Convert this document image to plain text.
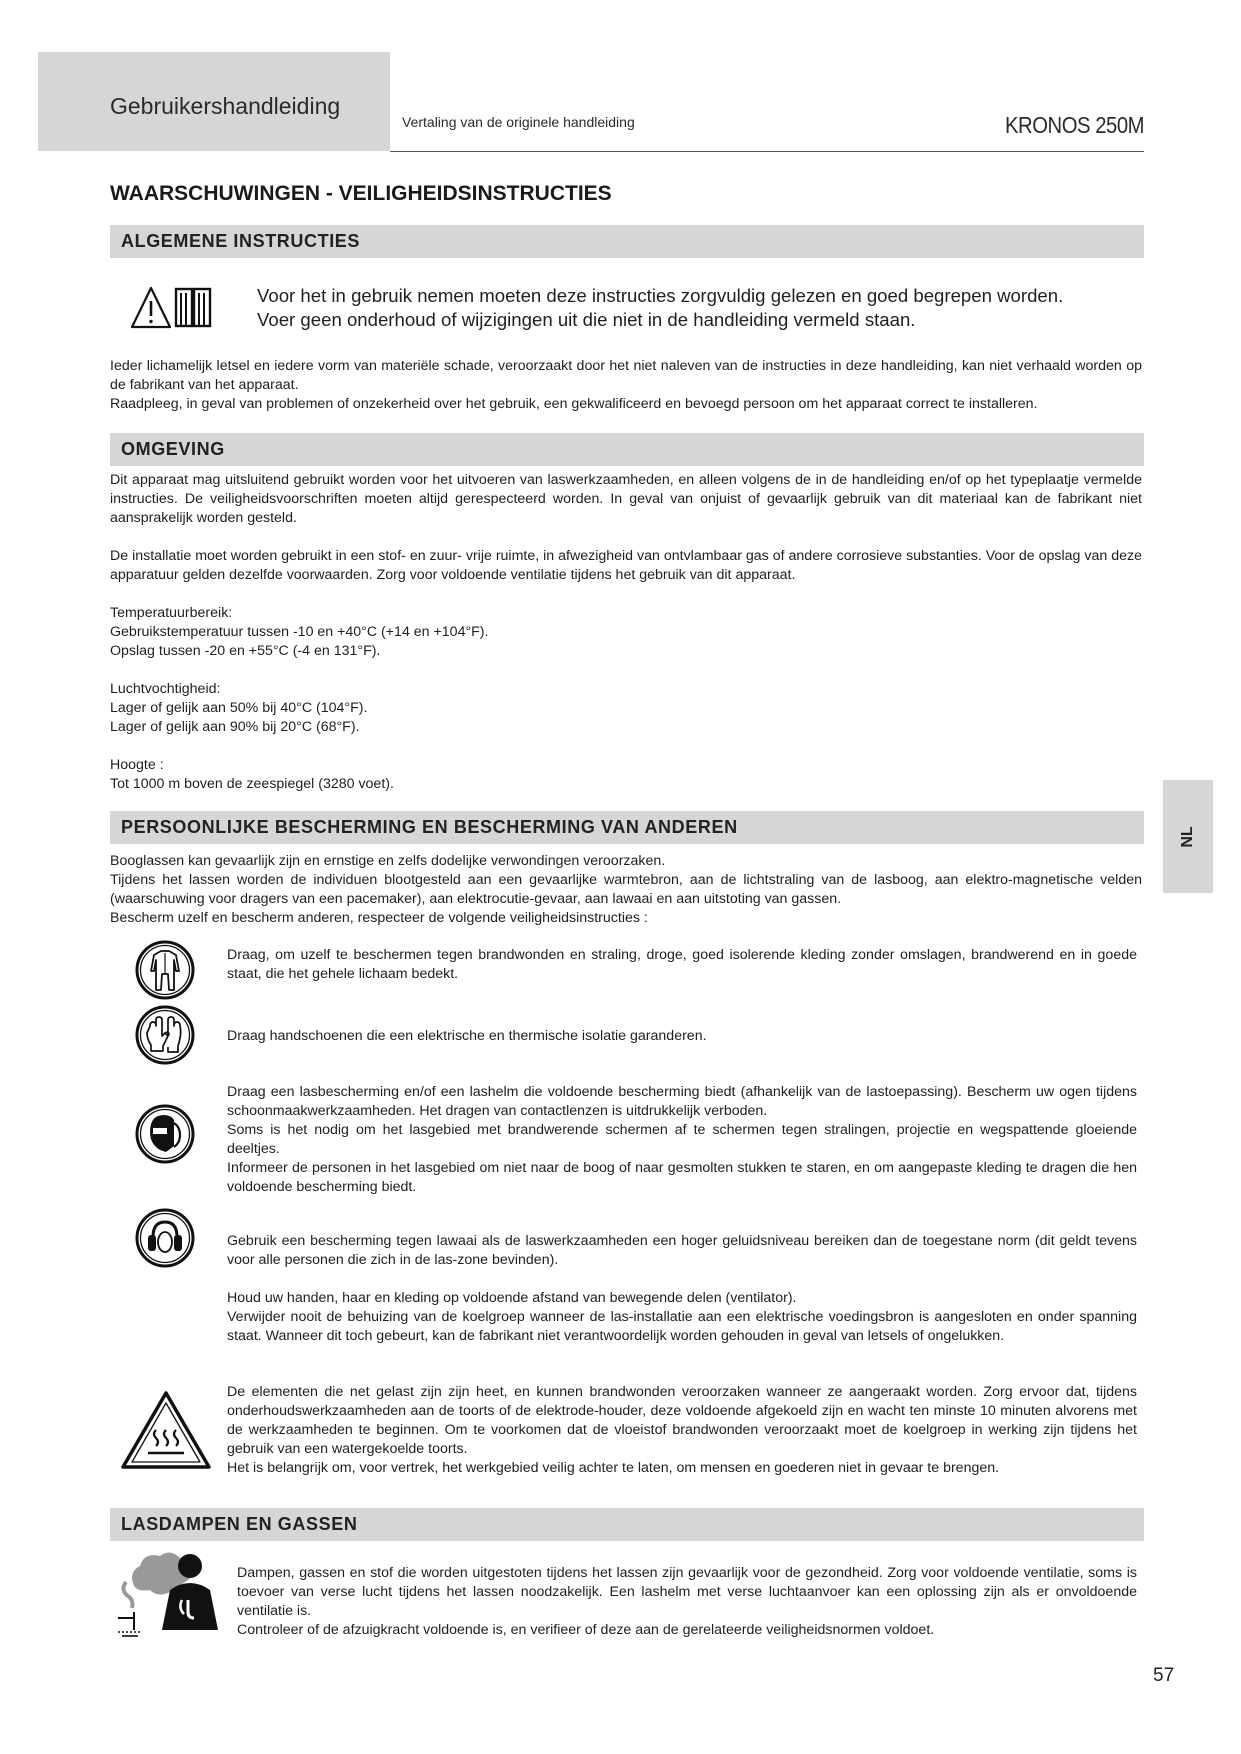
Gebruikershandleiding
Vertaling van de originele handleiding	KRONOS 250M
WAARSCHUWINGEN - VEILIGHEIDSINSTRUCTIES
ALGEMENE INSTRUCTIES
Voor het in gebruik nemen moeten deze instructies zorgvuldig gelezen en goed begrepen worden.
Voer geen onderhoud of wijzigingen uit die niet in de handleiding vermeld staan.
Ieder lichamelijk letsel en iedere vorm van materiële schade, veroorzaakt door het niet naleven van de instructies in deze handleiding, kan niet verhaald worden op de fabrikant van het apparaat.
Raadpleeg, in geval van problemen of onzekerheid over het gebruik, een gekwalificeerd en bevoegd persoon om het apparaat correct te installeren.
OMGEVING
Dit apparaat mag uitsluitend gebruikt worden voor het uitvoeren van laswerkzaamheden, en alleen volgens de in de handleiding en/of op het typeplaatje vermelde instructies. De veiligheidsvoorschriften moeten altijd gerespecteerd worden. In geval van onjuist of gevaarlijk gebruik van dit materiaal kan de fabrikant niet aansprakelijk worden gesteld.
De installatie moet worden gebruikt in een stof- en zuur- vrije ruimte, in afwezigheid van ontvlambaar gas of andere corrosieve substanties. Voor de opslag van deze apparatuur gelden dezelfde voorwaarden. Zorg voor voldoende ventilatie tijdens het gebruik van dit apparaat.
Temperatuurbereik:
Gebruikstemperatuur tussen -10 en +40°C (+14 en +104°F).
Opslag tussen -20 en +55°C (-4 en 131°F).
Luchtvochtigheid:
Lager of gelijk aan 50% bij 40°C (104°F).
Lager of gelijk aan 90% bij 20°C (68°F).
Hoogte :
Tot 1000 m boven de zeespiegel (3280 voet).
PERSOONLIJKE BESCHERMING EN BESCHERMING VAN ANDEREN
Booglassen kan gevaarlijk zijn en ernstige en zelfs dodelijke verwondingen veroorzaken.
Tijdens het lassen worden de individuen blootgesteld aan een gevaarlijke warmtebron, aan de lichtstraling van de lasboog, aan elektro-magnetische velden (waarschuwing voor dragers van een pacemaker), aan elektrocutie-gevaar, aan lawaai en aan uitstoting van gassen.
Bescherm uzelf en bescherm anderen, respecteer de volgende veiligheidsinstructies :
Draag, om uzelf te beschermen tegen brandwonden en straling, droge, goed isolerende kleding zonder omslagen, brandwerend en in goede staat, die het gehele lichaam bedekt.
Draag handschoenen die een elektrische en thermische isolatie garanderen.
Draag een lasbescherming en/of een lashelm die voldoende bescherming biedt (afhankelijk van de lastoepassing). Bescherm uw ogen tijdens schoonmaakwerkzaamheden. Het dragen van contactlenzen is uitdrukkelijk verboden.
Soms is het nodig om het lasgebied met brandwerende schermen af te schermen tegen stralingen, projectie en wegspattende gloeiende deeltjes.
Informeer de personen in het lasgebied om niet naar de boog of naar gesmolten stukken te staren, en om aangepaste kleding te dragen die hen voldoende bescherming biedt.
Gebruik een bescherming tegen lawaai als de laswerkzaamheden een hoger geluidsniveau bereiken dan de toegestane norm (dit geldt tevens voor alle personen die zich in de las-zone bevinden).
Houd uw handen, haar en kleding op voldoende afstand van bewegende delen (ventilator).
Verwijder nooit de behuizing van de koelgroep wanneer de las-installatie aan een elektrische voedingsbron is aangesloten en onder spanning staat. Wanneer dit toch gebeurt, kan de fabrikant niet verantwoordelijk worden gehouden in geval van letsels of ongelukken.
De elementen die net gelast zijn zijn heet, en kunnen brandwonden veroorzaken wanneer ze aangeraakt worden. Zorg ervoor dat, tijdens onderhoudswerkzaamheden aan de toorts of de elektrode-houder, deze voldoende afgekoeld zijn en wacht ten minste 10 minuten alvorens met de werkzaamheden te beginnen. Om te voorkomen dat de vloeistof brandwonden veroorzaakt moet de koelgroep in werking zijn tijdens het gebruik van een watergekoelde toorts.
Het is belangrijk om, voor vertrek, het werkgebied veilig achter te laten, om mensen en goederen niet in gevaar te brengen.
LASDAMPEN EN GASSEN
Dampen, gassen en stof die worden uitgestoten tijdens het lassen zijn gevaarlijk voor de gezondheid. Zorg voor voldoende ventilatie, soms is toevoer van verse lucht tijdens het lassen noodzakelijk. Een lashelm met verse luchtaanvoer kan een oplossing zijn als er onvoldoende ventilatie is.
Controleer of de afzuigkracht voldoende is, en verifieer of deze aan de gerelateerde veiligheidsnormen voldoet.
NL
57
